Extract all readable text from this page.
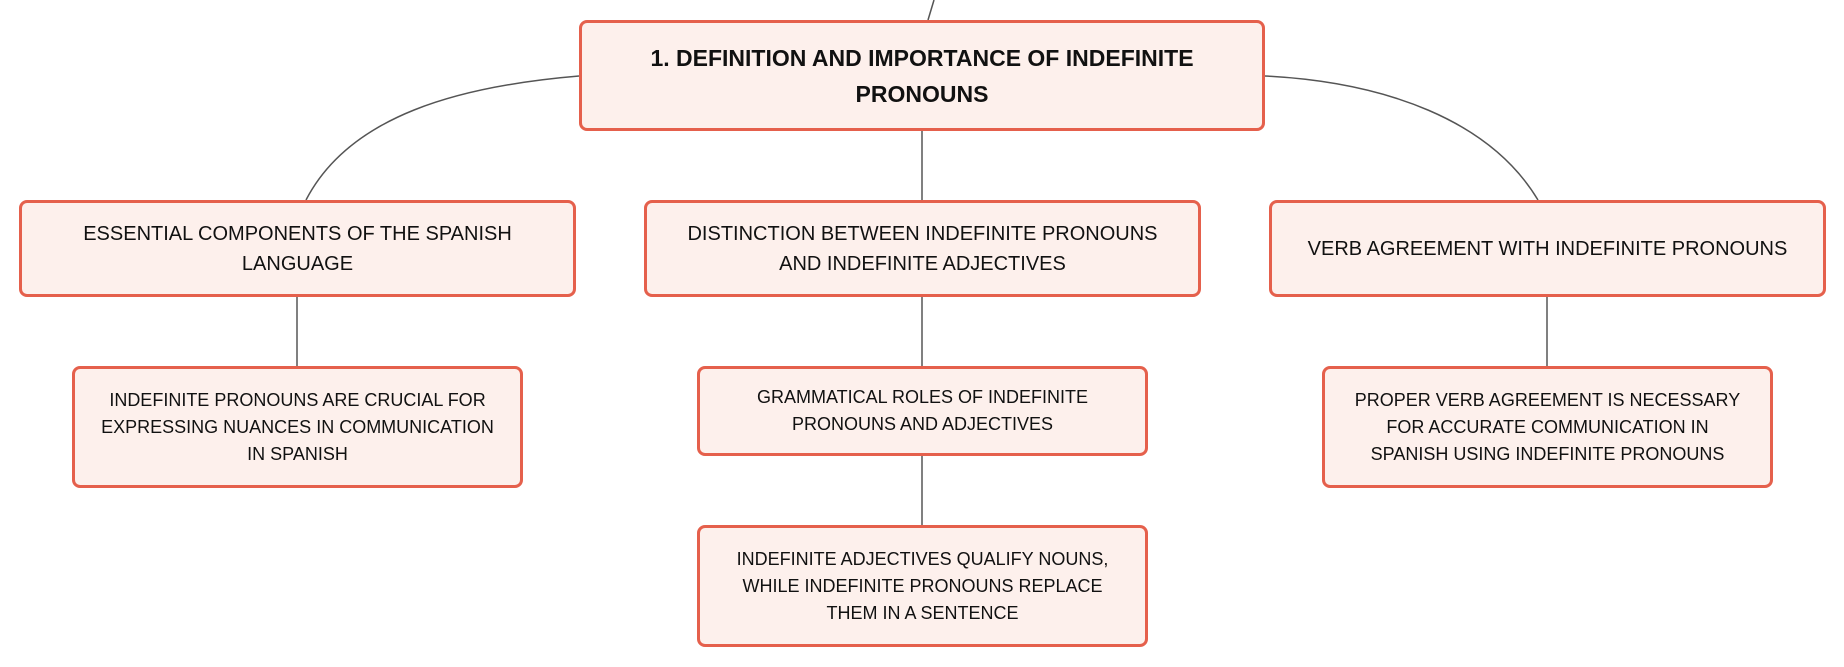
1. DEFINITION AND IMPORTANCE OF INDEFINITE PRONOUNS
ESSENTIAL COMPONENTS OF THE SPANISH LANGUAGE
DISTINCTION BETWEEN INDEFINITE PRONOUNS AND INDEFINITE ADJECTIVES
VERB AGREEMENT WITH INDEFINITE PRONOUNS
INDEFINITE PRONOUNS ARE CRUCIAL FOR EXPRESSING NUANCES IN COMMUNICATION IN SPANISH
GRAMMATICAL ROLES OF INDEFINITE PRONOUNS AND ADJECTIVES
INDEFINITE ADJECTIVES QUALIFY NOUNS, WHILE INDEFINITE PRONOUNS REPLACE THEM IN A SENTENCE
PROPER VERB AGREEMENT IS NECESSARY FOR ACCURATE COMMUNICATION IN SPANISH USING INDEFINITE PRONOUNS
